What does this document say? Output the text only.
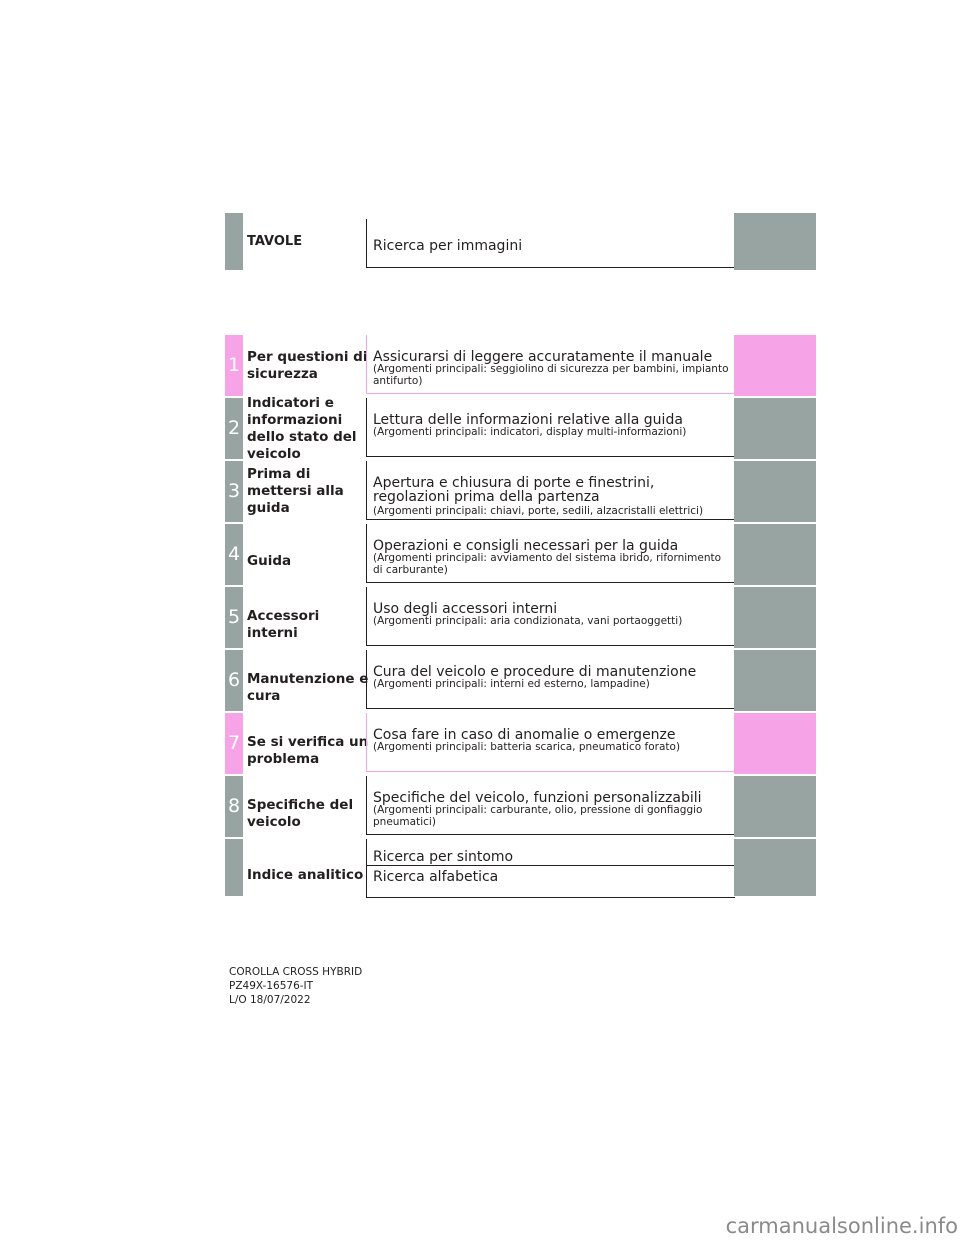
TAVOLE	Ricerca per immagini
1 Per questioni di sicurezza
Assicurarsi di leggere accuratamente il manuale
(Argomenti principali: seggiolino di sicurezza per bambini, impianto antifurto)
2
Indicatori e informazioni dello stato del veicolo
Lettura delle informazioni relative alla guida
(Argomenti principali: indicatori, display multi-informazioni)
3
Prima di mettersi alla guida
Apertura e chiusura di porte e finestrini, regolazioni prima della partenza
(Argomenti principali: chiavi, porte, sedili, alzacristalli elettrici)
4 Guida
Operazioni e consigli necessari per la guida
(Argomenti principali: avviamento del sistema ibrido, rifornimento di carburante)
5 Accessori interni
Uso degli accessori interni
(Argomenti principali: aria condizionata, vani portaoggetti)
6 Manutenzione e cura
Cura del veicolo e procedure di manutenzione
(Argomenti principali: interni ed esterno, lampadine)
7 Se si verifica un problema
Cosa fare in caso di anomalie o emergenze
(Argomenti principali: batteria scarica, pneumatico forato)
8 Specifiche del veicolo
Specifiche del veicolo, funzioni personalizzabili
(Argomenti principali: carburante, olio, pressione di gonfiaggio pneumatici)
Indice analitico
Ricerca per sintomo
Ricerca alfabetica
COROLLA CROSS HYBRID
PZ49X-16576-IT
L/O 18/07/2022
carmanualsonline.info
